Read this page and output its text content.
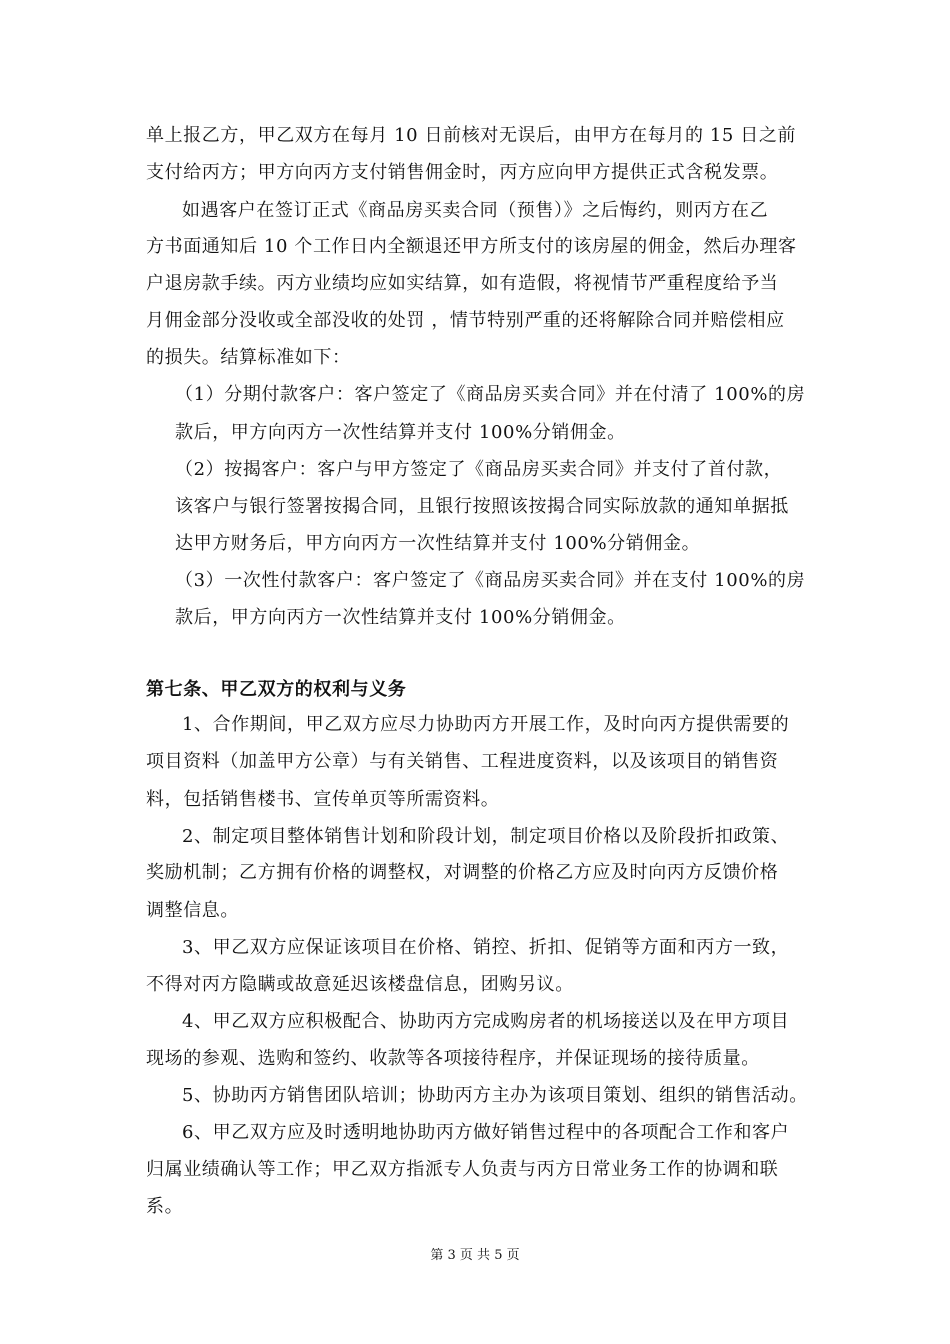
单上报乙方，甲乙双方在每月 10 日前核对无误后，由甲方在每月的 15 日之前
支付给丙方；甲方向丙方支付销售佣金时，丙方应向甲方提供正式含税发票。
如遇客户在签订正式《商品房买卖合同（预售）》之后悔约，则丙方在乙
方书面通知后 10 个工作日内全额退还甲方所支付的该房屋的佣金，然后办理客
户退房款手续。丙方业绩均应如实结算，如有造假，将视情节严重程度给予当
月佣金部分没收或全部没收的处罚 ，情节特别严重的还将解除合同并赔偿相应
的损失。结算标准如下：
（1）分期付款客户：客户签定了《商品房买卖合同》并在付清了 100%的房
款后，甲方向丙方一次性结算并支付 100%分销佣金。
（2）按揭客户：客户与甲方签定了《商品房买卖合同》并支付了首付款，
该客户与银行签署按揭合同，且银行按照该按揭合同实际放款的通知单据抵
达甲方财务后，甲方向丙方一次性结算并支付 100%分销佣金。
（3）一次性付款客户：客户签定了《商品房买卖合同》并在支付 100%的房
款后，甲方向丙方一次性结算并支付 100%分销佣金。
第七条、甲乙双方的权利与义务
1、合作期间，甲乙双方应尽力协助丙方开展工作，及时向丙方提供需要的
项目资料（加盖甲方公章）与有关销售、工程进度资料，以及该项目的销售资
料，包括销售楼书、宣传单页等所需资料。
2、制定项目整体销售计划和阶段计划，制定项目价格以及阶段折扣政策、
奖励机制；乙方拥有价格的调整权，对调整的价格乙方应及时向丙方反馈价格
调整信息。
3、甲乙双方应保证该项目在价格、销控、折扣、促销等方面和丙方一致，
不得对丙方隐瞒或故意延迟该楼盘信息，团购另议。
4、甲乙双方应积极配合、协助丙方完成购房者的机场接送以及在甲方项目
现场的参观、选购和签约、收款等各项接待程序，并保证现场的接待质量。
5、协助丙方销售团队培训；协助丙方主办为该项目策划、组织的销售活动。
6、甲乙双方应及时透明地协助丙方做好销售过程中的各项配合工作和客户
归属业绩确认等工作；甲乙双方指派专人负责与丙方日常业务工作的协调和联
系。
第 3 页 共 5 页
